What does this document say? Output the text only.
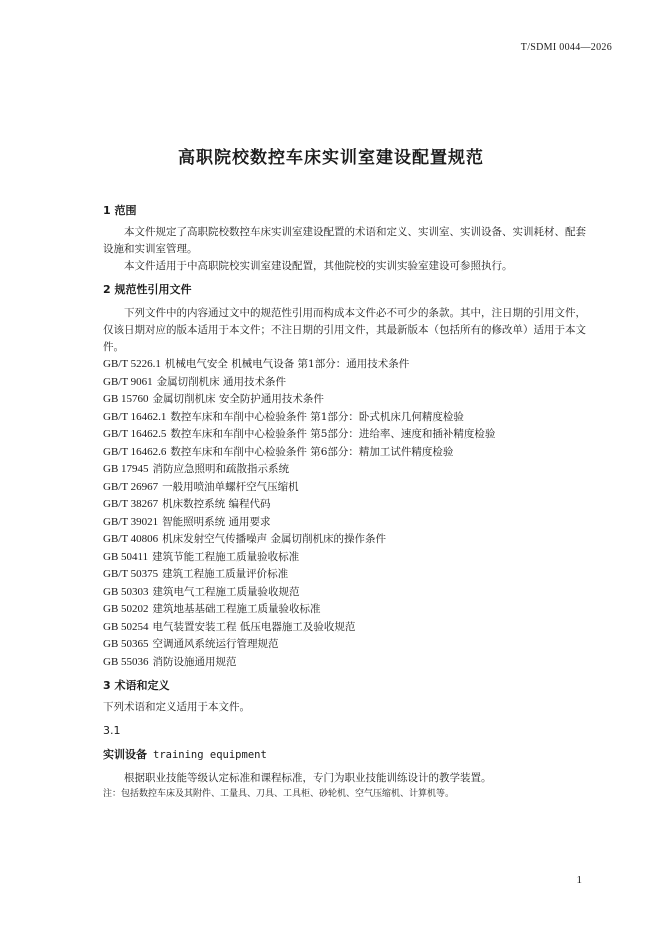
T/SDMI 0044—2026
高职院校数控车床实训室建设配置规范

1 范围

本文件规定了高职院校数控车床实训室建设配置的术语和定义、实训室、实训设备、实训耗材、配套设施和实训室管理。

本文件适用于中高职院校实训室建设配置，其他院校的实训实验室建设可参照执行。

2 规范性引用文件

下列文件中的内容通过文中的规范性引用而构成本文件必不可少的条款。其中，注日期的引用文件，仅该日期对应的版本适用于本文件；不注日期的引用文件，其最新版本（包括所有的修改单）适用于本文件。

GB/T 5226.1 机械电气安全 机械电气设备 第1部分：通用技术条件

GB/T 9061 金属切削机床 通用技术条件

GB 15760 金属切削机床 安全防护通用技术条件

GB/T 16462.1 数控车床和车削中心检验条件 第1部分：卧式机床几何精度检验

GB/T 16462.5 数控车床和车削中心检验条件 第5部分：进给率、速度和插补精度检验

GB/T 16462.6 数控车床和车削中心检验条件 第6部分：精加工试件精度检验

GB 17945 消防应急照明和疏散指示系统

GB/T 26967 一般用喷油单螺杆空气压缩机

GB/T 38267 机床数控系统 编程代码

GB/T 39021 智能照明系统 通用要求

GB/T 40806 机床发射空气传播噪声 金属切削机床的操作条件

GB 50411 建筑节能工程施工质量验收标准

GB/T 50375 建筑工程施工质量评价标准

GB 50303 建筑电气工程施工质量验收规范

GB 50202 建筑地基基础工程施工质量验收标准

GB 50254 电气装置安装工程 低压电器施工及验收规范

GB 50365 空调通风系统运行管理规范

GB 55036 消防设施通用规范

3 术语和定义

下列术语和定义适用于本文件。

3.1

实训设备 training equipment

根据职业技能等级认定标准和课程标准，专门为职业技能训练设计的教学装置。

注：包括数控车床及其附件、工量具、刀具、工具柜、砂轮机、空气压缩机、计算机等。

1
